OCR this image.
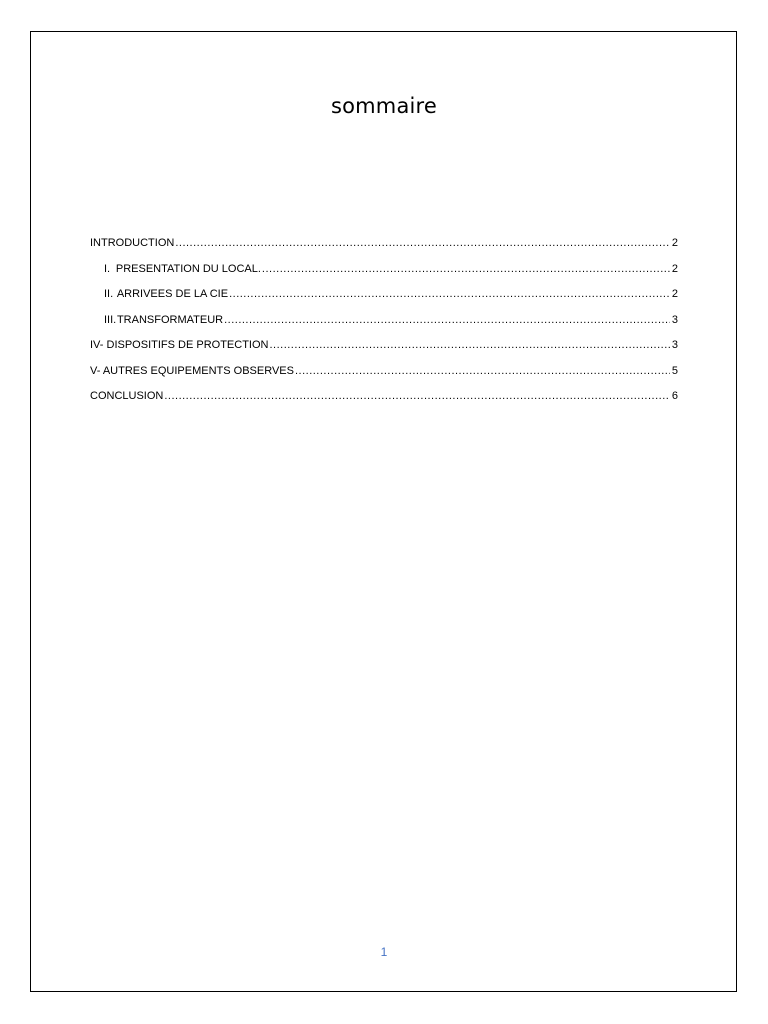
sommaire
INTRODUCTION .....	2
I. PRESENTATION DU LOCAL. .....	2
II. ARRIVEES DE LA CIE .....	2
III. TRANSFORMATEUR .....	3
IV- DISPOSITIFS DE PROTECTION .....	3
V- AUTRES EQUIPEMENTS OBSERVES .....	5
CONCLUSION .....	6
1
